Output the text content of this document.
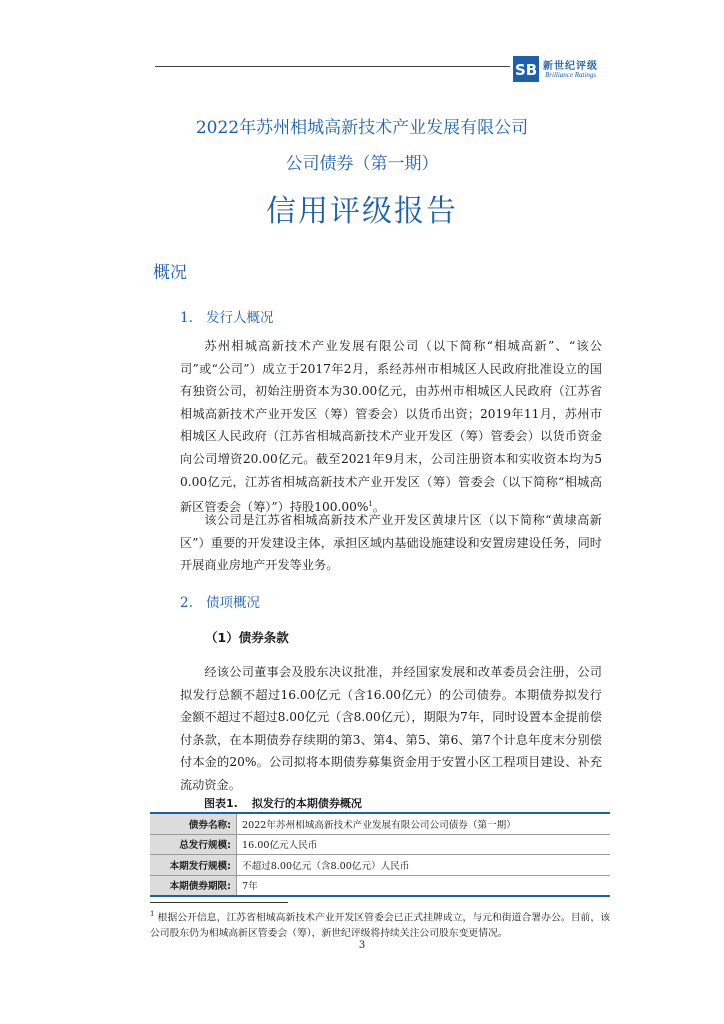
SB 新世纪评级
Brilliance Ratings
2022年苏州相城高新技术产业发展有限公司
公司债券（第一期）
信用评级报告
概况
1. 发行人概况

苏州相城高新技术产业发展有限公司（以下简称“相城高新”、“该公司”或“公司”）成立于2017年2月，系经苏州市相城区人民政府批准设立的国有独资公司，初始注册资本为30.00亿元，由苏州市相城区人民政府（江苏省相城高新技术产业开发区（筹）管委会）以货币出资；2019年11月，苏州市相城区人民政府（江苏省相城高新技术产业开发区（筹）管委会）以货币资金向公司增资20.00亿元。截至2021年9月末，公司注册资本和实收资本均为50.00亿元，江苏省相城高新技术产业开发区（筹）管委会（以下简称“相城高新区管委会（筹）”）持股100.00%$^1$。

该公司是江苏省相城高新技术产业开发区黄埭片区（以下简称“黄埭高新区”）重要的开发建设主体，承担区域内基础设施建设和安置房建设任务，同时开展商业房地产开发等业务。

2. 债项概况
（1）债券条款

经该公司董事会及股东决议批准，并经国家发展和改革委员会注册，公司拟发行总额不超过16.00亿元（含16.00亿元）的公司债券。本期债券拟发行金额不超过不超过8.00亿元（含8.00亿元），期限为7年，同时设置本金提前偿付条款，在本期债券存续期的第3、第4、第5、第6、第7个计息年度末分别偿付本金的20%。公司拟将本期债券募集资金用于安置小区工程项目建设、补充流动资金。

图表1. 拟发行的本期债券概况
债券名称:	2022年苏州相城高新技术产业发展有限公司公司债券（第一期）
总发行规模:	16.00亿元人民币
本期发行规模:	不超过8.00亿元（含8.00亿元）人民币
本期债券期限:	7年

$^1$ 根据公开信息，江苏省相城高新技术产业开发区管委会已正式挂牌成立，与元和街道合署办公。目前，该公司股东仍为相城高新区管委会（筹），新世纪评级将持续关注公司股东变更情况。

3
